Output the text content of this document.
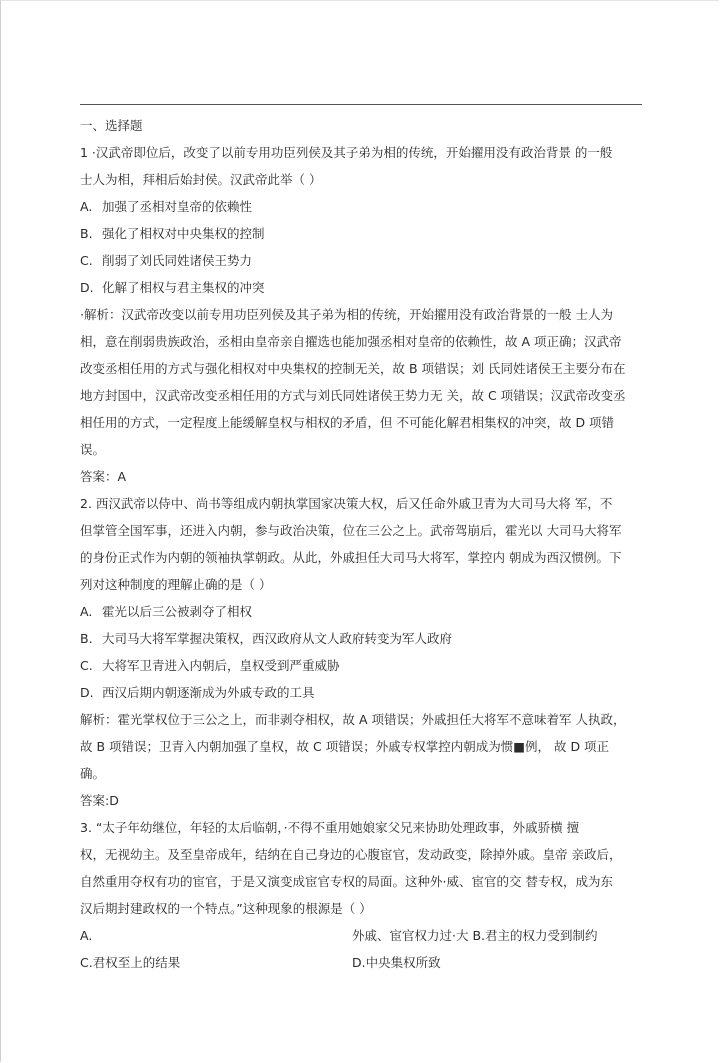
一、选择题

1 ·汉武帝即位后，改变了以前专用功臣列侯及其子弟为相的传统，开始擢用没有政治背景 的一般

士人为相，拜相后始封侯。汉武帝此举（ ）

A. 加强了丞相对皇帝的依赖性
B. 强化了相权对中央集权的控制
C. 削弱了刘氏同姓诸侯王势力
D. 化解了相权与君主集权的冲突

·解析：汉武帝改变以前专用功臣列侯及其子弟为相的传统，开始擢用没有政治背景的一般 士人为

相，意在削弱贵族政治，丞相由皇帝亲自擢选也能加强丞相对皇帝的依赖性，故 A 项正确；汉武帝

改变丞相任用的方式与强化相权对中央集权的控制无关，故 B 项错误；刘 氏同姓诸侯王主要分布在

地方封国中，汉武帝改变丞相任用的方式与刘氏同姓诸侯王势力无 关，故 C 项错误；汉武帝改变丞

相任用的方式，一定程度上能缓解皇权与相权的矛盾，但 不可能化解君相集权的冲突，故 D 项错

误。

答案：A

2. 西汉武帝以侍中、尚书等组成内朝执掌国家决策大权，后又任命外戚卫青为大司马大将 军，不

但掌管全国军事，还进入内朝，参与政治决策，位在三公之上。武帝驾崩后，霍光以 大司马大将军

的身份正式作为内朝的领袖执掌朝政。从此，外戚担任大司马大将军，掌控内 朝成为西汉惯例。下

列对这种制度的理解止确的是（ ）

A. 霍光以后三公被剥夺了相权
B. 大司马大将军掌握决策权，西汉政府从文人政府转变为军人政府
C. 大将军卫青进入内朝后，皇权受到严重威胁
D. 西汉后期内朝逐渐成为外戚专政的工具

解析：霍光掌权位于三公之上，而非剥夺相权，故 A 项错误；外戚担任大将军不意味着军 人执政，

故 B 项错误；卫青入内朝加强了皇权，故 C 项错误；外戚专权掌控内朝成为惯■例， 故 D 项正

确。

答案:D

3. “太子年幼继位，年轻的太后临朝，·不得不重用她娘家父兄来协助处理政事，外戚骄横 擅

权，无视幼主。及至皇帝成年，结纳在自己身边的心腹宦官，发动政变，除掉外戚。皇帝 亲政后，

自然重用夺权有功的宦官，于是又演变成宦官专权的局面。这种外·威、宦官的交 替专权，成为东

汉后期封建政权的一个特点。”这种现象的根源是（ ）

A.	外戚、宦官权力过·大 B.君主的权力受到制约
C.君权至上的结果	D.中央集权所致
